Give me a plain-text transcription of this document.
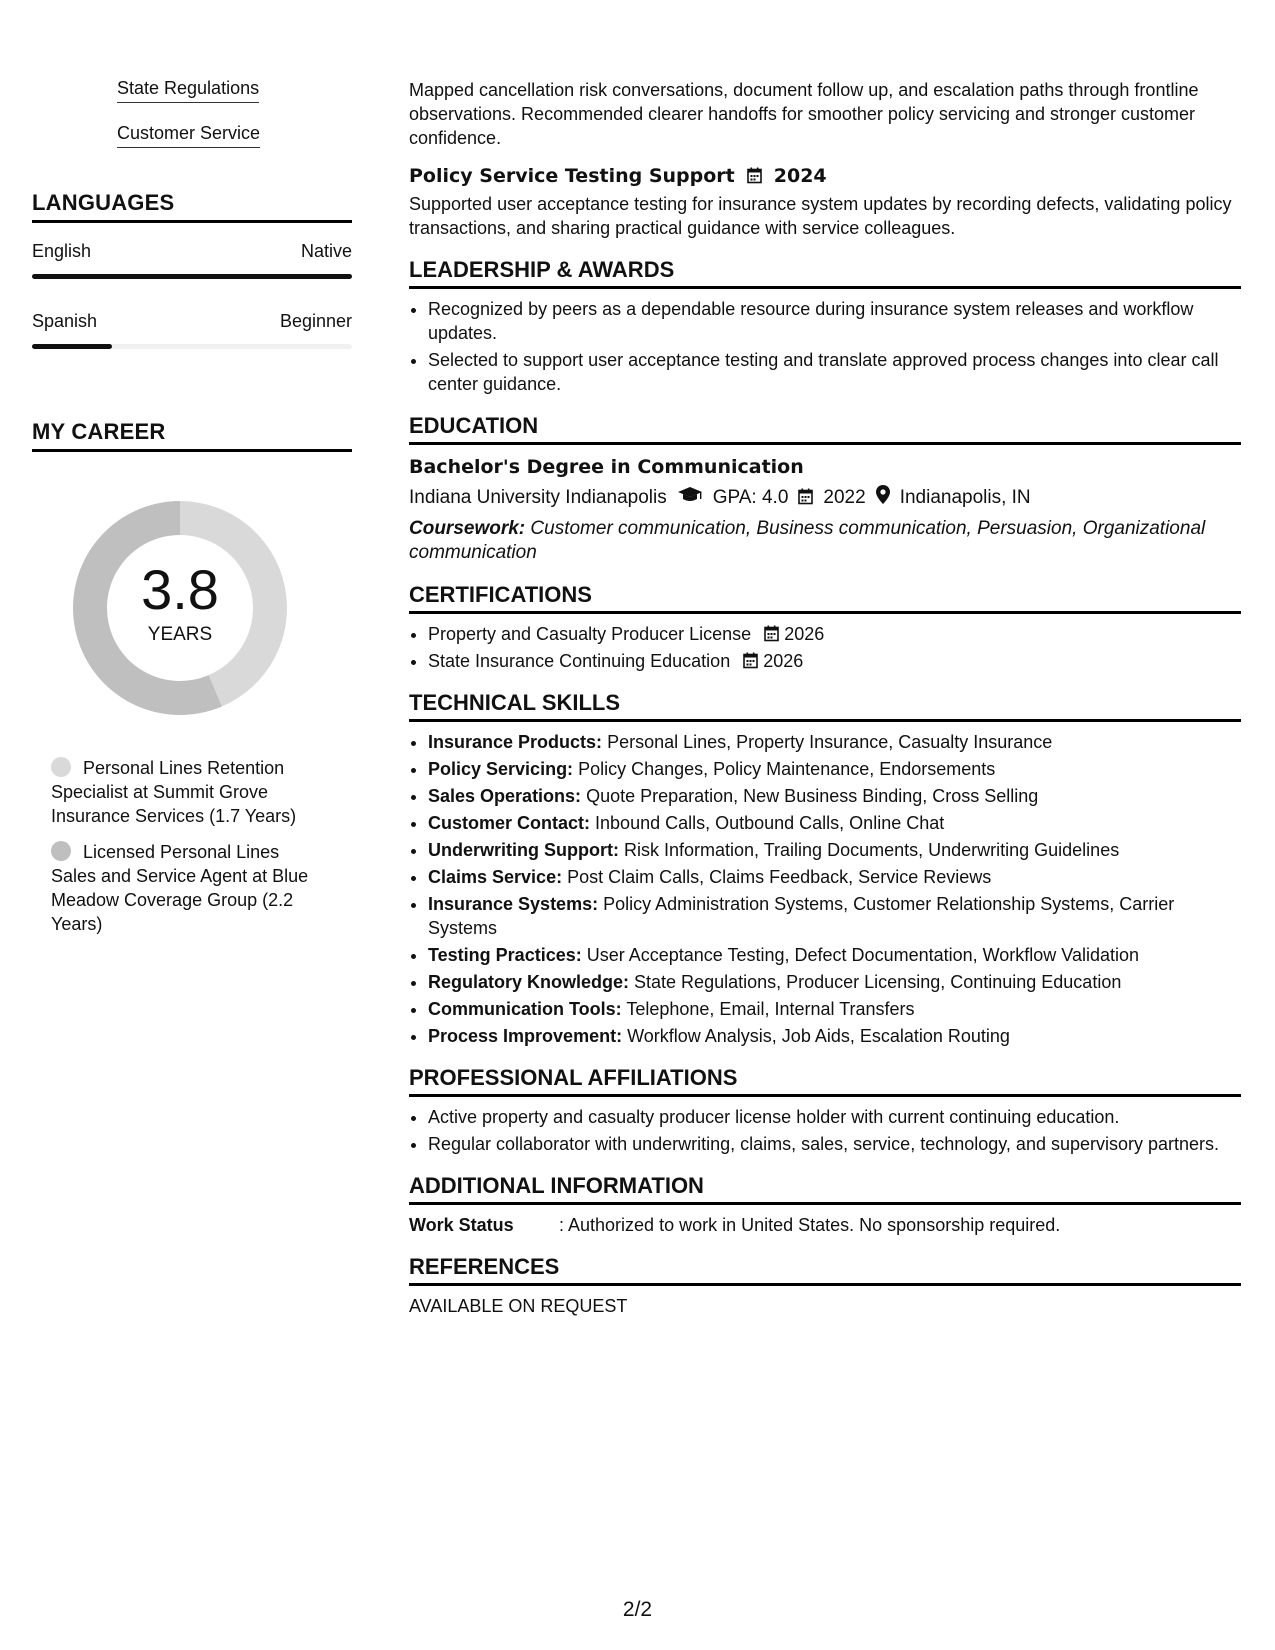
State Regulations
Customer Service
LANGUAGES
English	Native
Spanish	Beginner
MY CAREER
3.8
YEARS
Personal Lines Retention Specialist at Summit Grove Insurance Services (1.7 Years)
Licensed Personal Lines Sales and Service Agent at Blue Meadow Coverage Group (2.2 Years)

Mapped cancellation risk conversations, document follow up, and escalation paths through frontline observations. Recommended clearer handoffs for smoother policy servicing and stronger customer confidence.

Policy Service Testing Support 2024

Supported user acceptance testing for insurance system updates by recording defects, validating policy transactions, and sharing practical guidance with service colleagues.

LEADERSHIP & AWARDS
• Recognized by peers as a dependable resource during insurance system releases and workflow updates.
• Selected to support user acceptance testing and translate approved process changes into clear call center guidance.
EDUCATION
Bachelor's Degree in Communication
Indiana University Indianapolis GPA: 4.0 2022 Indianapolis, IN
Coursework: Customer communication, Business communication, Persuasion, Organizational communication
CERTIFICATIONS
• Property and Casualty Producer License 2026
• State Insurance Continuing Education 2026
TECHNICAL SKILLS
• Insurance Products: Personal Lines, Property Insurance, Casualty Insurance
• Policy Servicing: Policy Changes, Policy Maintenance, Endorsements
• Sales Operations: Quote Preparation, New Business Binding, Cross Selling
• Customer Contact: Inbound Calls, Outbound Calls, Online Chat
• Underwriting Support: Risk Information, Trailing Documents, Underwriting Guidelines
• Claims Service: Post Claim Calls, Claims Feedback, Service Reviews
• Insurance Systems: Policy Administration Systems, Customer Relationship Systems, Carrier Systems
• Testing Practices: User Acceptance Testing, Defect Documentation, Workflow Validation
• Regulatory Knowledge: State Regulations, Producer Licensing, Continuing Education
• Communication Tools: Telephone, Email, Internal Transfers
• Process Improvement: Workflow Analysis, Job Aids, Escalation Routing
PROFESSIONAL AFFILIATIONS
• Active property and casualty producer license holder with current continuing education.
• Regular collaborator with underwriting, claims, sales, service, technology, and supervisory partners.
ADDITIONAL INFORMATION
Work Status	: Authorized to work in United States. No sponsorship required.
REFERENCES
AVAILABLE ON REQUEST
2/2
